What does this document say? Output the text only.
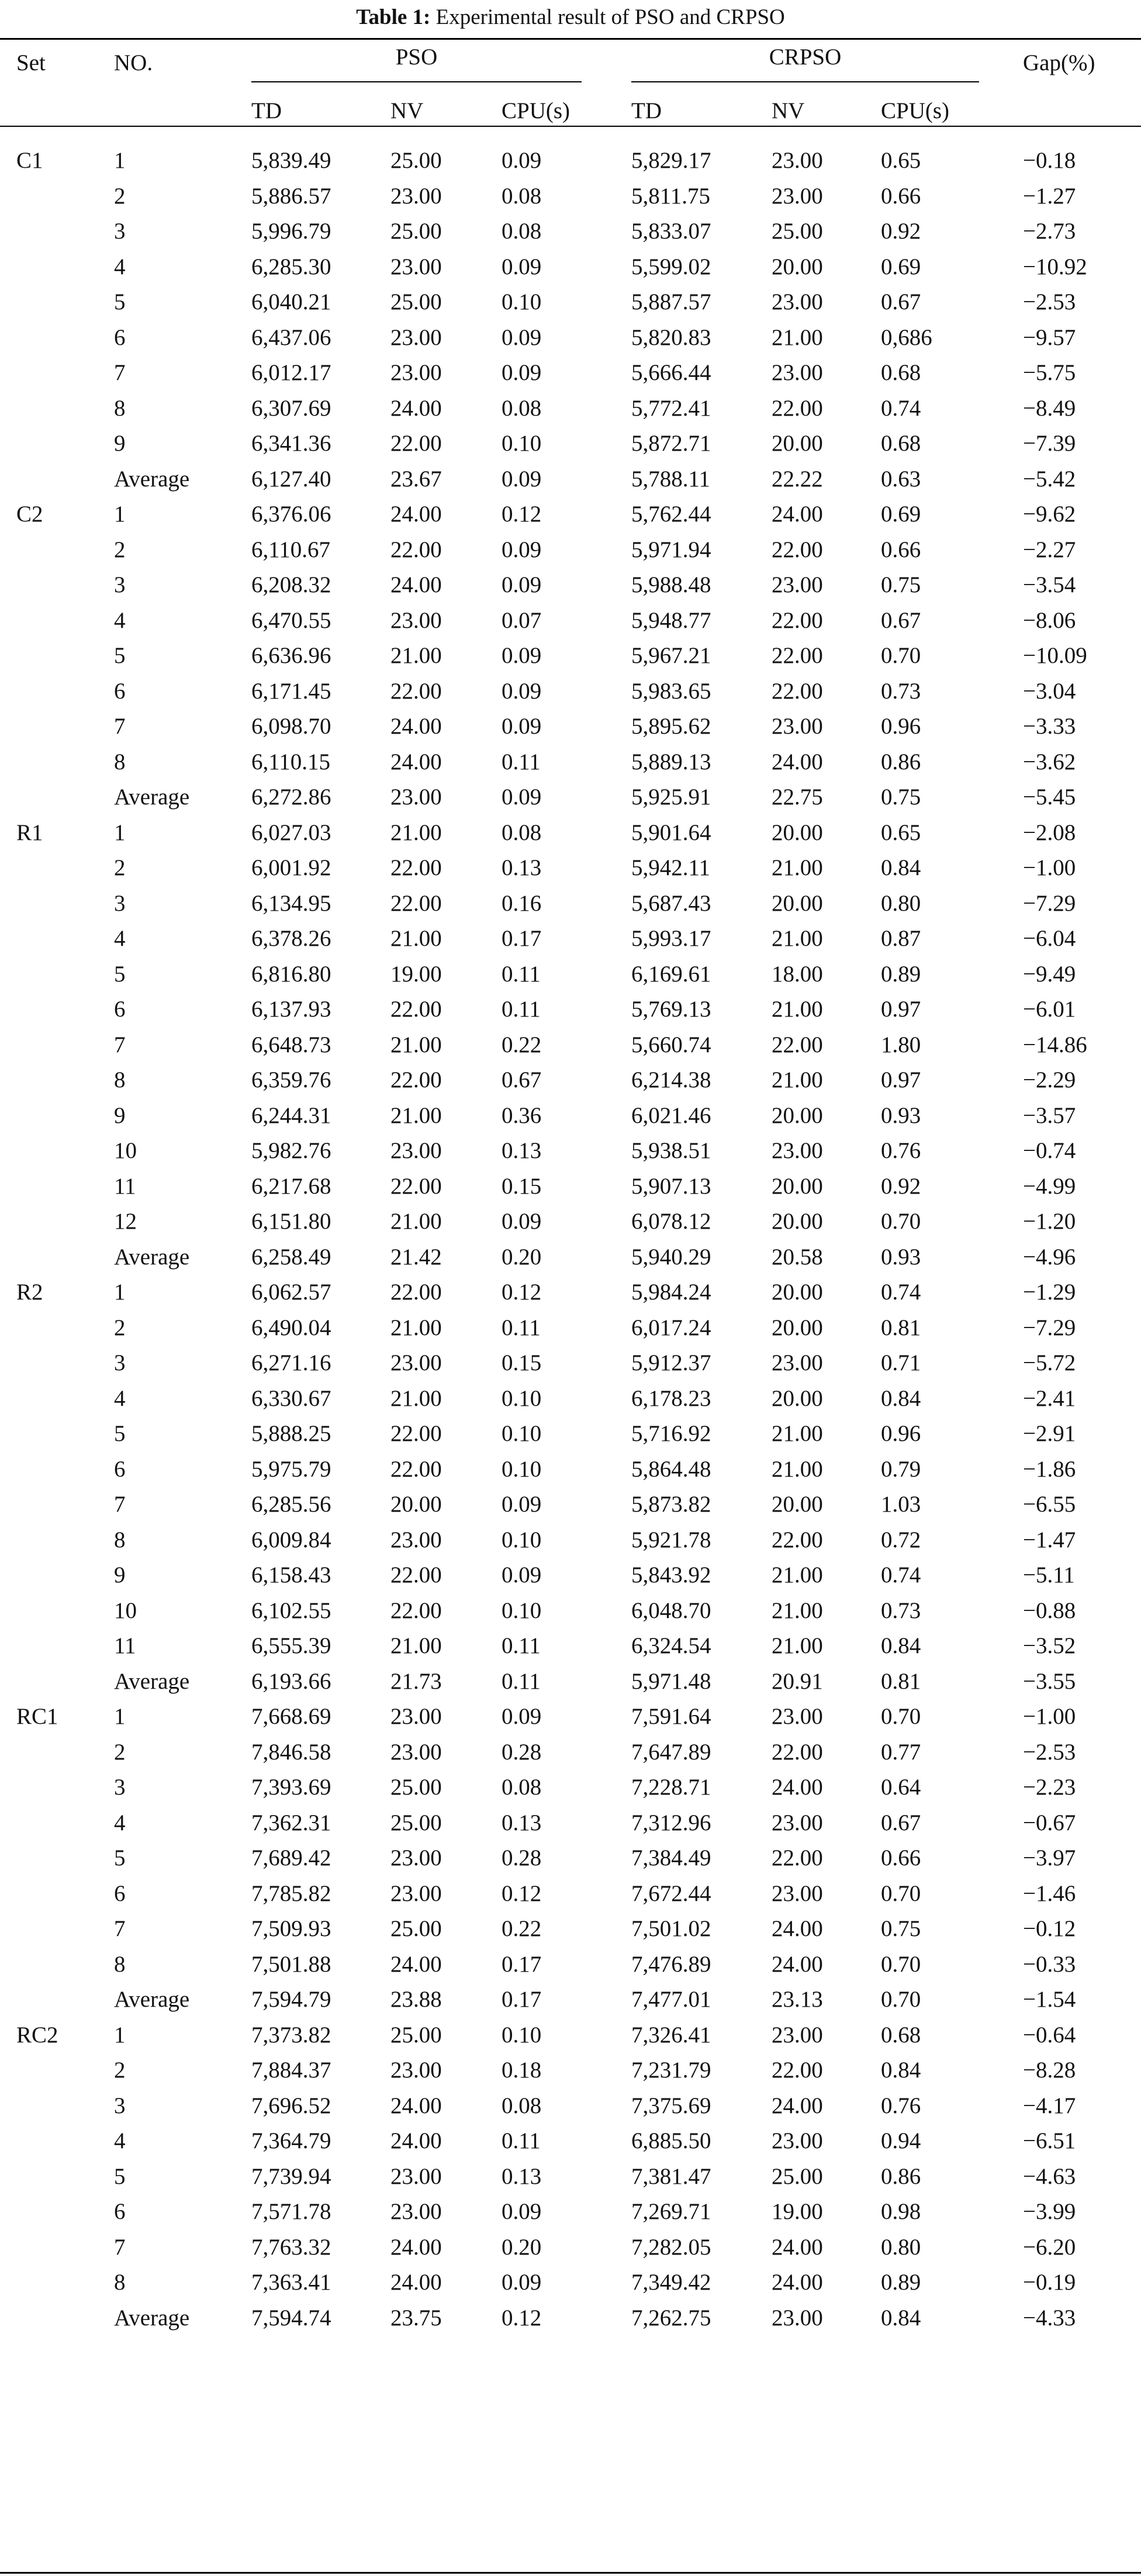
Table 1: Experimental result of PSO and CRPSO
Set	NO.	PSO	CRPSO	Gap(%)
TD	NV	CPU(s)	TD	NV	CPU(s)
C1	1	5,839.49	25.00	0.09	5,829.17	23.00	0.65	−0.18
2	5,886.57	23.00	0.08	5,811.75	23.00	0.66	−1.27
3	5,996.79	25.00	0.08	5,833.07	25.00	0.92	−2.73
4	6,285.30	23.00	0.09	5,599.02	20.00	0.69	−10.92
5	6,040.21	25.00	0.10	5,887.57	23.00	0.67	−2.53
6	6,437.06	23.00	0.09	5,820.83	21.00	0,686	−9.57
7	6,012.17	23.00	0.09	5,666.44	23.00	0.68	−5.75
8	6,307.69	24.00	0.08	5,772.41	22.00	0.74	−8.49
9	6,341.36	22.00	0.10	5,872.71	20.00	0.68	−7.39
Average	6,127.40	23.67	0.09	5,788.11	22.22	0.63	−5.42
C2	1	6,376.06	24.00	0.12	5,762.44	24.00	0.69	−9.62
2	6,110.67	22.00	0.09	5,971.94	22.00	0.66	−2.27
3	6,208.32	24.00	0.09	5,988.48	23.00	0.75	−3.54
4	6,470.55	23.00	0.07	5,948.77	22.00	0.67	−8.06
5	6,636.96	21.00	0.09	5,967.21	22.00	0.70	−10.09
6	6,171.45	22.00	0.09	5,983.65	22.00	0.73	−3.04
7	6,098.70	24.00	0.09	5,895.62	23.00	0.96	−3.33
8	6,110.15	24.00	0.11	5,889.13	24.00	0.86	−3.62
Average	6,272.86	23.00	0.09	5,925.91	22.75	0.75	−5.45
R1	1	6,027.03	21.00	0.08	5,901.64	20.00	0.65	−2.08
2	6,001.92	22.00	0.13	5,942.11	21.00	0.84	−1.00
3	6,134.95	22.00	0.16	5,687.43	20.00	0.80	−7.29
4	6,378.26	21.00	0.17	5,993.17	21.00	0.87	−6.04
5	6,816.80	19.00	0.11	6,169.61	18.00	0.89	−9.49
6	6,137.93	22.00	0.11	5,769.13	21.00	0.97	−6.01
7	6,648.73	21.00	0.22	5,660.74	22.00	1.80	−14.86
8	6,359.76	22.00	0.67	6,214.38	21.00	0.97	−2.29
9	6,244.31	21.00	0.36	6,021.46	20.00	0.93	−3.57
10	5,982.76	23.00	0.13	5,938.51	23.00	0.76	−0.74
11	6,217.68	22.00	0.15	5,907.13	20.00	0.92	−4.99
12	6,151.80	21.00	0.09	6,078.12	20.00	0.70	−1.20
Average	6,258.49	21.42	0.20	5,940.29	20.58	0.93	−4.96
R2	1	6,062.57	22.00	0.12	5,984.24	20.00	0.74	−1.29
2	6,490.04	21.00	0.11	6,017.24	20.00	0.81	−7.29
3	6,271.16	23.00	0.15	5,912.37	23.00	0.71	−5.72
4	6,330.67	21.00	0.10	6,178.23	20.00	0.84	−2.41
5	5,888.25	22.00	0.10	5,716.92	21.00	0.96	−2.91
6	5,975.79	22.00	0.10	5,864.48	21.00	0.79	−1.86
7	6,285.56	20.00	0.09	5,873.82	20.00	1.03	−6.55
8	6,009.84	23.00	0.10	5,921.78	22.00	0.72	−1.47
9	6,158.43	22.00	0.09	5,843.92	21.00	0.74	−5.11
10	6,102.55	22.00	0.10	6,048.70	21.00	0.73	−0.88
11	6,555.39	21.00	0.11	6,324.54	21.00	0.84	−3.52
Average	6,193.66	21.73	0.11	5,971.48	20.91	0.81	−3.55
RC1 1	7,668.69	23.00	0.09	7,591.64	23.00	0.70	−1.00
2	7,846.58	23.00	0.28	7,647.89	22.00	0.77	−2.53
3	7,393.69	25.00	0.08	7,228.71	24.00	0.64	−2.23
4	7,362.31	25.00	0.13	7,312.96	23.00	0.67	−0.67
5	7,689.42	23.00	0.28	7,384.49	22.00	0.66	−3.97
6	7,785.82	23.00	0.12	7,672.44	23.00	0.70	−1.46
7	7,509.93	25.00	0.22	7,501.02	24.00	0.75	−0.12
8	7,501.88	24.00	0.17	7,476.89	24.00	0.70	−0.33
Average	7,594.79	23.88	0.17	7,477.01	23.13	0.70	−1.54
RC2 1	7,373.82	25.00	0.10	7,326.41	23.00	0.68	−0.64
2	7,884.37	23.00	0.18	7,231.79	22.00	0.84	−8.28
3	7,696.52	24.00	0.08	7,375.69	24.00	0.76	−4.17
4	7,364.79	24.00	0.11	6,885.50	23.00	0.94	−6.51
5	7,739.94	23.00	0.13	7,381.47	25.00	0.86	−4.63
6	7,571.78	23.00	0.09	7,269.71	19.00	0.98	−3.99
7	7,763.32	24.00	0.20	7,282.05	24.00	0.80	−6.20
8	7,363.41	24.00	0.09	7,349.42	24.00	0.89	−0.19
Average	7,594.74	23.75	0.12	7,262.75	23.00	0.84	−4.33
